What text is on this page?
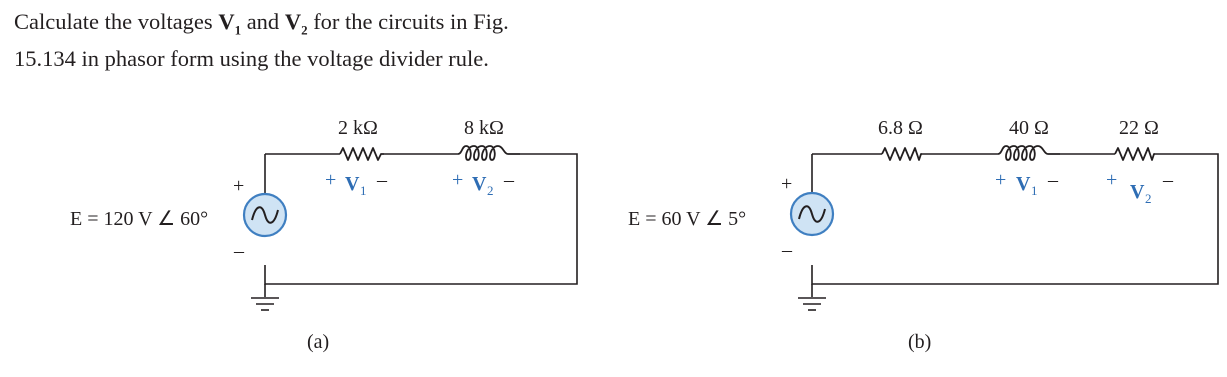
Calculate the voltages $V_1$ and $V_2$ for the circuits in Fig.
15.134 in phasor form using the voltage divider rule.

+
–
E = 120 V ∠ 60°
2 kΩ	8 kΩ
+ V 1 –	+ V 2 –
(a)
+
–
E = 60 V ∠ 5°
6.8 Ω	40 Ω	22 Ω
+ V 1 – +
V 2
–
(b)
